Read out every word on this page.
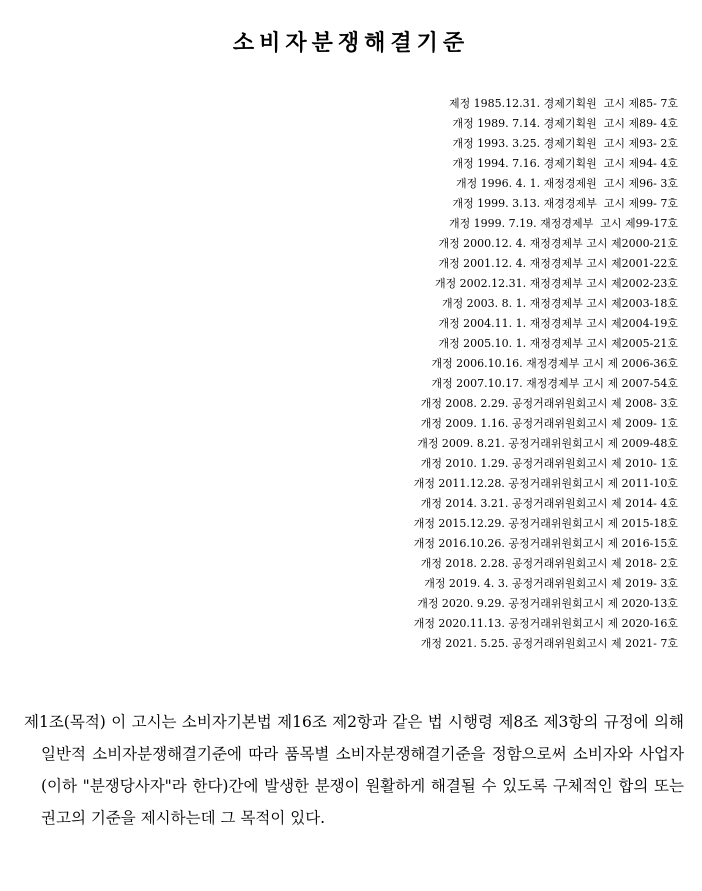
소비자분쟁해결기준
제정 1985.12.31. 경제기획원  고시 제85- 7호
개정 1989. 7.14. 경제기획원  고시 제89- 4호
개정 1993. 3.25. 경제기획원  고시 제93- 2호
개정 1994. 7.16. 경제기획원  고시 제94- 4호
개정 1996. 4. 1. 재정경제원  고시 제96- 3호
개정 1999. 3.13. 재경경제부  고시 제99- 7호
개정 1999. 7.19. 재정경제부  고시 제99-17호
개정 2000.12. 4. 재정경제부 고시 제2000-21호
개정 2001.12. 4. 재정경제부 고시 제2001-22호
개정 2002.12.31. 재정경제부 고시 제2002-23호
개정 2003. 8. 1. 재정경제부 고시 제2003-18호
개정 2004.11. 1. 재정경제부 고시 제2004-19호
개정 2005.10. 1. 재정경제부 고시 제2005-21호
개정 2006.10.16. 재정경제부 고시 제 2006-36호
개정 2007.10.17. 재정경제부 고시 제 2007-54호
개정 2008. 2.29. 공정거래위원회고시 제 2008- 3호
개정 2009. 1.16. 공정거래위원회고시 제 2009- 1호
개정 2009. 8.21. 공정거래위원회고시 제 2009-48호
개정 2010. 1.29. 공정거래위원회고시 제 2010- 1호
개정 2011.12.28. 공정거래위원회고시 제 2011-10호
개정 2014. 3.21. 공정거래위원회고시 제 2014- 4호
개정 2015.12.29. 공정거래위원회고시 제 2015-18호
개정 2016.10.26. 공정거래위원회고시 제 2016-15호
개정 2018. 2.28. 공정거래위원회고시 제 2018- 2호
개정 2019. 4. 3. 공정거래위원회고시 제 2019- 3호
개정 2020. 9.29. 공정거래위원회고시 제 2020-13호
개정 2020.11.13. 공정거래위원회고시 제 2020-16호
개정 2021. 5.25. 공정거래위원회고시 제 2021- 7호

제1조(목적) 이 고시는 소비자기본법 제16조 제2항과 같은 법 시행령 제8조 제3항의 규정에 의해 일반적 소비자분쟁해결기준에 따라 품목별 소비자분쟁해결기준을 정함으로써 소비자와 사업자(이하 "분쟁당사자"라 한다)간에 발생한 분쟁이 원활하게 해결될 수 있도록 구체적인 합의 또는 권고의 기준을 제시하는데 그 목적이 있다.
